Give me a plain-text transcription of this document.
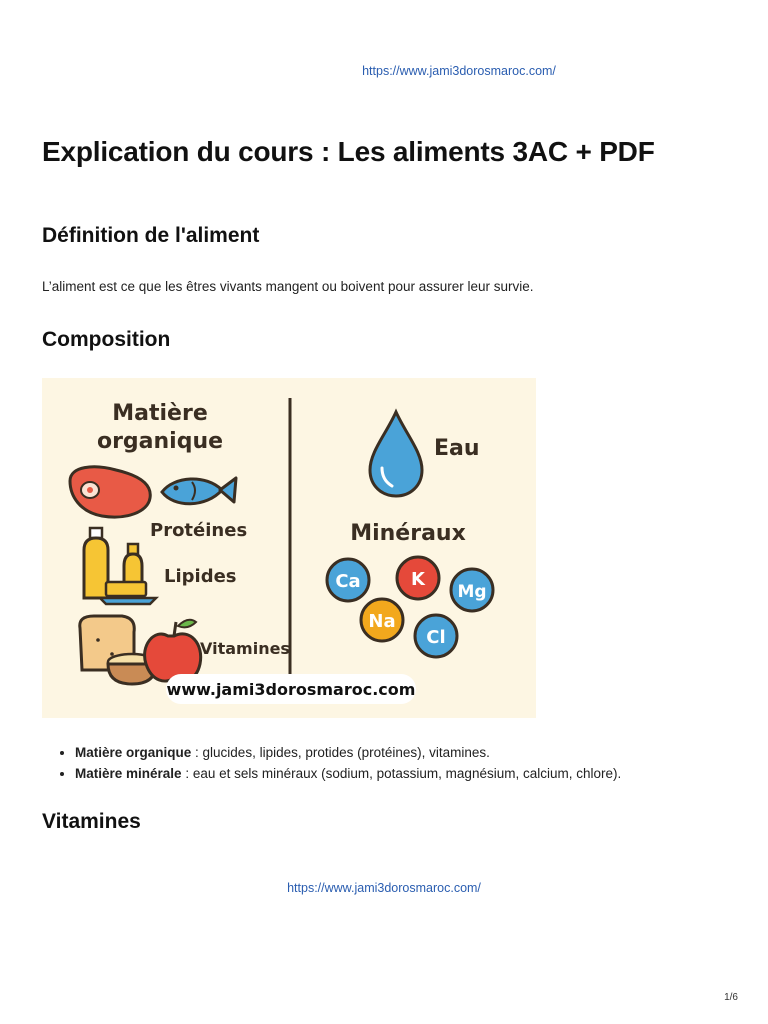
https://www.jami3dorosmaroc.com/
Explication du cours : Les aliments 3AC + PDF
Définition de l'aliment

L’aliment est ce que les êtres vivants mangent ou boivent pour assurer leur survie.

Composition
Matière
organique
Protéines
Lipides
Vitamines
Eau
Minéraux
Ca	K
Mg
Na
Cl
www.jami3dorosmaroc.com
• Matière organique : glucides, lipides, protides (protéines), vitamines.
• Matière minérale : eau et sels minéraux (sodium, potassium, magnésium, calcium, chlore).
Vitamines
https://www.jami3dorosmaroc.com/
1/6
